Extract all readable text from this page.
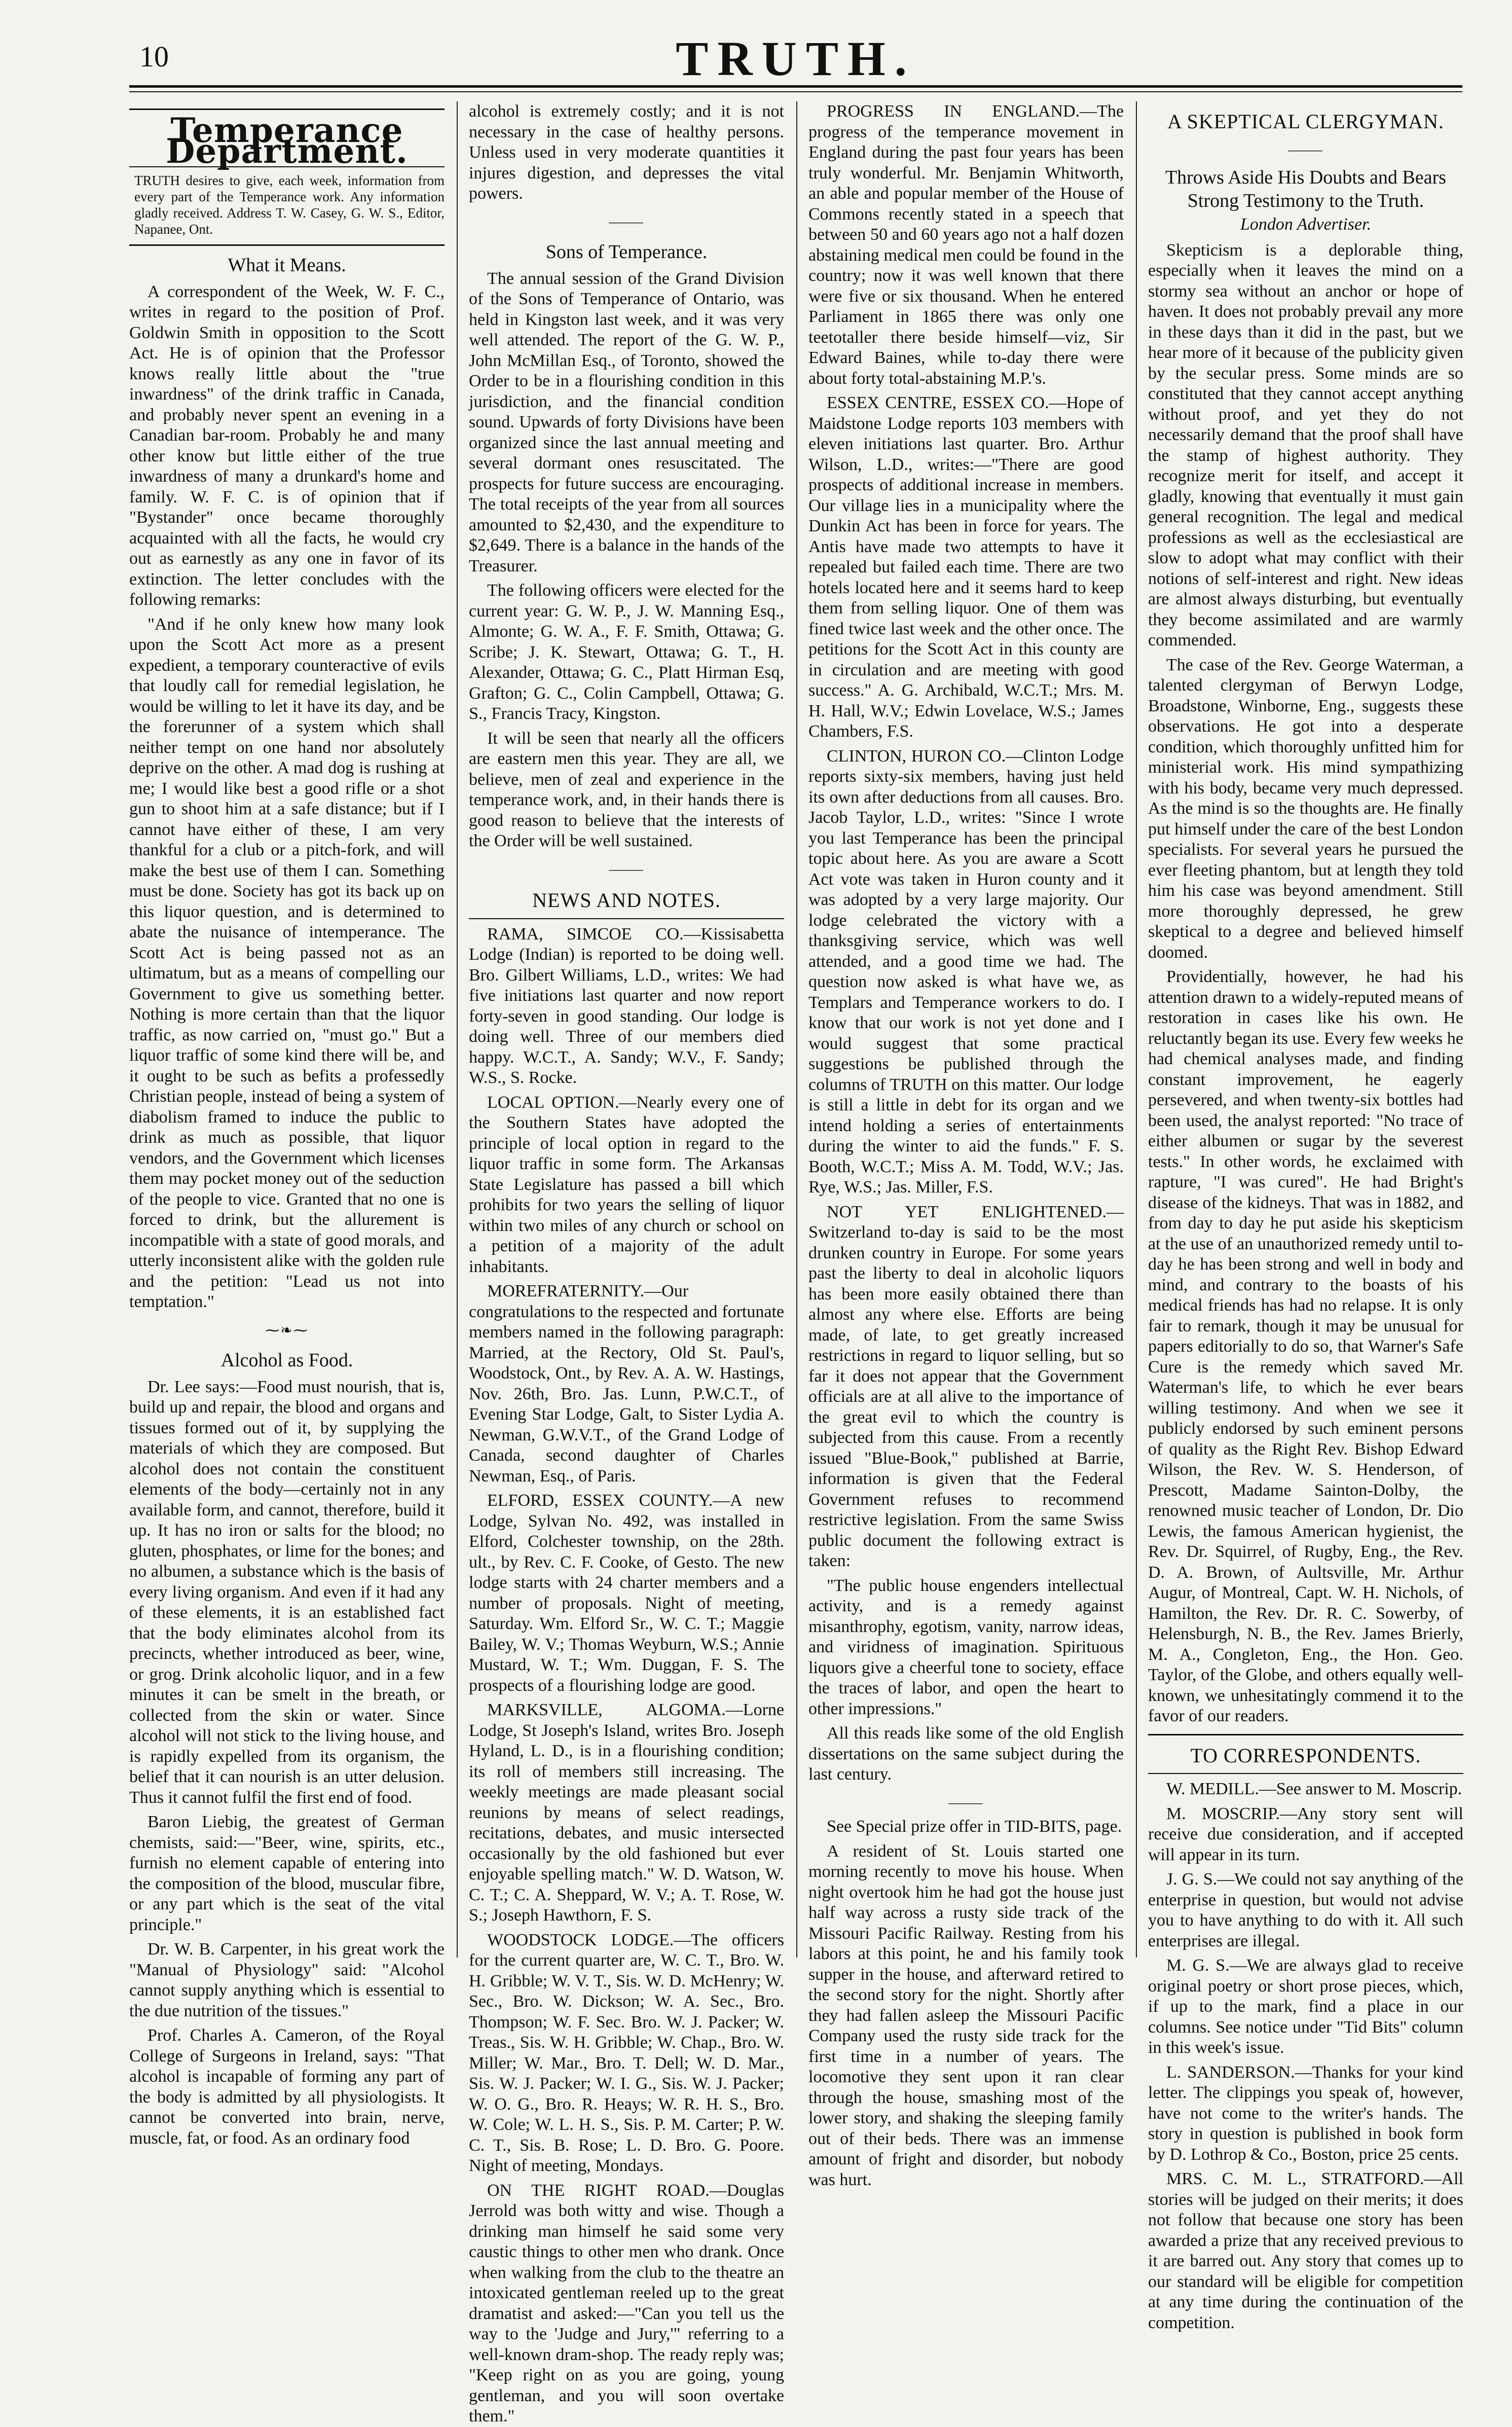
10	TRUTH.
Temperance Department.

TRUTH desires to give, each week, information from every part of the Temperance work. Any information gladly received. Address T. W. Casey, G. W. S., Editor, Napanee, Ont.

What it Means.

A correspondent of the Week, W. F. C., writes in regard to the position of Prof. Goldwin Smith in opposition to the Scott Act. He is of opinion that the Professor knows really little about the "true inwardness" of the drink traffic in Canada, and probably never spent an evening in a Canadian bar-room. Probably he and many other know but little either of the true inwardness of many a drunkard's home and family. W. F. C. is of opinion that if "Bystander" once became thoroughly acquainted with all the facts, he would cry out as earnestly as any one in favor of its extinction. The letter concludes with the following remarks:

"And if he only knew how many look upon the Scott Act more as a present expedient, a temporary counteractive of evils that loudly call for remedial legislation, he would be willing to let it have its day, and be the forerunner of a system which shall neither tempt on one hand nor absolutely deprive on the other. A mad dog is rushing at me; I would like best a good rifle or a shot gun to shoot him at a safe distance; but if I cannot have either of these, I am very thankful for a club or a pitch-fork, and will make the best use of them I can. Something must be done. Society has got its back up on this liquor question, and is determined to abate the nuisance of intemperance. The Scott Act is being passed not as an ultimatum, but as a means of compelling our Government to give us something better. Nothing is more certain than that the liquor traffic, as now carried on, "must go." But a liquor traffic of some kind there will be, and it ought to be such as befits a professedly Christian people, instead of being a system of diabolism framed to induce the public to drink as much as possible, that liquor vendors, and the Government which licenses them may pocket money out of the seduction of the people to vice. Granted that no one is forced to drink, but the allurement is incompatible with a state of good morals, and utterly inconsistent alike with the golden rule and the petition: "Lead us not into temptation."

⁓❧⁓
Alcohol as Food.

Dr. Lee says:—Food must nourish, that is, build up and repair, the blood and organs and tissues formed out of it, by supplying the materials of which they are composed. But alcohol does not contain the constituent elements of the body—certainly not in any available form, and cannot, therefore, build it up. It has no iron or salts for the blood; no gluten, phosphates, or lime for the bones; and no albumen, a substance which is the basis of every living organism. And even if it had any of these elements, it is an established fact that the body eliminates alcohol from its precincts, whether introduced as beer, wine, or grog. Drink alcoholic liquor, and in a few minutes it can be smelt in the breath, or collected from the skin or water. Since alcohol will not stick to the living house, and is rapidly expelled from its organism, the belief that it can nourish is an utter delusion. Thus it cannot fulfil the first end of food.

Baron Liebig, the greatest of German chemists, said:—"Beer, wine, spirits, etc., furnish no element capable of entering into the composition of the blood, muscular fibre, or any part which is the seat of the vital principle."

Dr. W. B. Carpenter, in his great work the "Manual of Physiology" said: "Alcohol cannot supply anything which is essential to the due nutrition of the tissues."

Prof. Charles A. Cameron, of the Royal College of Surgeons in Ireland, says: "That alcohol is incapable of forming any part of the body is admitted by all physiologists. It cannot be converted into brain, nerve, muscle, fat, or food. As an ordinary food

alcohol is extremely costly; and it is not necessary in the case of healthy persons. Unless used in very moderate quantities it injures digestion, and depresses the vital powers.

⸻
Sons of Temperance.

The annual session of the Grand Division of the Sons of Temperance of Ontario, was held in Kingston last week, and it was very well attended. The report of the G. W. P., John McMillan Esq., of Toronto, showed the Order to be in a flourishing condition in this jurisdiction, and the financial condition sound. Upwards of forty Divisions have been organized since the last annual meeting and several dormant ones resuscitated. The prospects for future success are encouraging. The total receipts of the year from all sources amounted to $2,430, and the expenditure to $2,649. There is a balance in the hands of the Treasurer.

The following officers were elected for the current year: G. W. P., J. W. Manning Esq., Almonte; G. W. A., F. F. Smith, Ottawa; G. Scribe; J. K. Stewart, Ottawa; G. T., H. Alexander, Ottawa; G. C., Platt Hirman Esq, Grafton; G. C., Colin Campbell, Ottawa; G. S., Francis Tracy, Kingston.

It will be seen that nearly all the officers are eastern men this year. They are all, we believe, men of zeal and experience in the temperance work, and, in their hands there is good reason to believe that the interests of the Order will be well sustained.

⸻
NEWS AND NOTES.

RAMA, SIMCOE CO.—Kissisabetta Lodge (Indian) is reported to be doing well. Bro. Gilbert Williams, L.D., writes: We had five initiations last quarter and now report forty-seven in good standing. Our lodge is doing well. Three of our members died happy. W.C.T., A. Sandy; W.V., F. Sandy; W.S., S. Rocke.

LOCAL OPTION.—Nearly every one of the Southern States have adopted the principle of local option in regard to the liquor traffic in some form. The Arkansas State Legislature has passed a bill which prohibits for two years the selling of liquor within two miles of any church or school on a petition of a majority of the adult inhabitants.

MOREFRATERNITY.—Our congratulations to the respected and fortunate members named in the following paragraph: Married, at the Rectory, Old St. Paul's, Woodstock, Ont., by Rev. A. A. W. Hastings, Nov. 26th, Bro. Jas. Lunn, P.W.C.T., of Evening Star Lodge, Galt, to Sister Lydia A. Newman, G.W.V.T., of the Grand Lodge of Canada, second daughter of Charles Newman, Esq., of Paris.

ELFORD, ESSEX COUNTY.—A new Lodge, Sylvan No. 492, was installed in Elford, Colchester township, on the 28th. ult., by Rev. C. F. Cooke, of Gesto. The new lodge starts with 24 charter members and a number of proposals. Night of meeting, Saturday. Wm. Elford Sr., W. C. T.; Maggie Bailey, W. V.; Thomas Weyburn, W.S.; Annie Mustard, W. T.; Wm. Duggan, F. S. The prospects of a flourishing lodge are good.

MARKSVILLE, ALGOMA.—Lorne Lodge, St Joseph's Island, writes Bro. Joseph Hyland, L. D., is in a flourishing condition; its roll of members still increasing. The weekly meetings are made pleasant social reunions by means of select readings, recitations, debates, and music intersected occasionally by the old fashioned but ever enjoyable spelling match." W. D. Watson, W. C. T.; C. A. Sheppard, W. V.; A. T. Rose, W. S.; Joseph Hawthorn, F. S.

WOODSTOCK LODGE.—The officers for the current quarter are, W. C. T., Bro. W. H. Gribble; W. V. T., Sis. W. D. McHenry; W. Sec., Bro. W. Dickson; W. A. Sec., Bro. Thompson; W. F. Sec. Bro. W. J. Packer; W. Treas., Sis. W. H. Gribble; W. Chap., Bro. W. Miller; W. Mar., Bro. T. Dell; W. D. Mar., Sis. W. J. Packer; W. I. G., Sis. W. J. Packer; W. O. G., Bro. R. Heays; W. R. H. S., Bro. W. Cole; W. L. H. S., Sis. P. M. Carter; P. W. C. T., Sis. B. Rose; L. D. Bro. G. Poore. Night of meeting, Mondays.

ON THE RIGHT ROAD.—Douglas Jerrold was both witty and wise. Though a drinking man himself he said some very caustic things to other men who drank. Once when walking from the club to the theatre an intoxicated gentleman reeled up to the great dramatist and asked:—"Can you tell us the way to the 'Judge and Jury,'" referring to a well-known dram-shop. The ready reply was; "Keep right on as you are going, young gentleman, and you will soon overtake them."

PROGRESS IN ENGLAND.—The progress of the temperance movement in England during the past four years has been truly wonderful. Mr. Benjamin Whitworth, an able and popular member of the House of Commons recently stated in a speech that between 50 and 60 years ago not a half dozen abstaining medical men could be found in the country; now it was well known that there were five or six thousand. When he entered Parliament in 1865 there was only one teetotaller there beside himself—viz, Sir Edward Baines, while to-day there were about forty total-abstaining M.P.'s.

ESSEX CENTRE, ESSEX CO.—Hope of Maidstone Lodge reports 103 members with eleven initiations last quarter. Bro. Arthur Wilson, L.D., writes:—"There are good prospects of additional increase in members. Our village lies in a municipality where the Dunkin Act has been in force for years. The Antis have made two attempts to have it repealed but failed each time. There are two hotels located here and it seems hard to keep them from selling liquor. One of them was fined twice last week and the other once. The petitions for the Scott Act in this county are in circulation and are meeting with good success." A. G. Archibald, W.C.T.; Mrs. M. H. Hall, W.V.; Edwin Lovelace, W.S.; James Chambers, F.S.

CLINTON, HURON CO.—Clinton Lodge reports sixty-six members, having just held its own after deductions from all causes. Bro. Jacob Taylor, L.D., writes: "Since I wrote you last Temperance has been the principal topic about here. As you are aware a Scott Act vote was taken in Huron county and it was adopted by a very large majority. Our lodge celebrated the victory with a thanksgiving service, which was well attended, and a good time we had. The question now asked is what have we, as Templars and Temperance workers to do. I know that our work is not yet done and I would suggest that some practical suggestions be published through the columns of TRUTH on this matter. Our lodge is still a little in debt for its organ and we intend holding a series of entertainments during the winter to aid the funds." F. S. Booth, W.C.T.; Miss A. M. Todd, W.V.; Jas. Rye, W.S.; Jas. Miller, F.S.

NOT YET ENLIGHTENED.—Switzerland to-day is said to be the most drunken country in Europe. For some years past the liberty to deal in alcoholic liquors has been more easily obtained there than almost any where else. Efforts are being made, of late, to get greatly increased restrictions in regard to liquor selling, but so far it does not appear that the Government officials are at all alive to the importance of the great evil to which the country is subjected from this cause. From a recently issued "Blue-Book," published at Barrie, information is given that the Federal Government refuses to recommend restrictive legislation. From the same Swiss public document the following extract is taken:

"The public house engenders intellectual activity, and is a remedy against misanthrophy, egotism, vanity, narrow ideas, and viridness of imagination. Spirituous liquors give a cheerful tone to society, efface the traces of labor, and open the heart to other impressions."

All this reads like some of the old English dissertations on the same subject during the last century.

⸻

See Special prize offer in TID-BITS, page.

A resident of St. Louis started one morning recently to move his house. When night overtook him he had got the house just half way across a rusty side track of the Missouri Pacific Railway. Resting from his labors at this point, he and his family took supper in the house, and afterward retired to the second story for the night. Shortly after they had fallen asleep the Missouri Pacific Company used the rusty side track for the first time in a number of years. The locomotive they sent upon it ran clear through the house, smashing most of the lower story, and shaking the sleeping family out of their beds. There was an immense amount of fright and disorder, but nobody was hurt.

A SKEPTICAL CLERGYMAN.
⸻
Throws Aside His Doubts and Bears Strong Testimony to the Truth.
London Advertiser.

Skepticism is a deplorable thing, especially when it leaves the mind on a stormy sea without an anchor or hope of haven. It does not probably prevail any more in these days than it did in the past, but we hear more of it because of the publicity given by the secular press. Some minds are so constituted that they cannot accept anything without proof, and yet they do not necessarily demand that the proof shall have the stamp of highest authority. They recognize merit for itself, and accept it gladly, knowing that eventually it must gain general recognition. The legal and medical professions as well as the ecclesiastical are slow to adopt what may conflict with their notions of self-interest and right. New ideas are almost always disturbing, but eventually they become assimilated and are warmly commended.

The case of the Rev. George Waterman, a talented clergyman of Berwyn Lodge, Broadstone, Winborne, Eng., suggests these observations. He got into a desperate condition, which thoroughly unfitted him for ministerial work. His mind sympathizing with his body, became very much depressed. As the mind is so the thoughts are. He finally put himself under the care of the best London specialists. For several years he pursued the ever fleeting phantom, but at length they told him his case was beyond amendment. Still more thoroughly depressed, he grew skeptical to a degree and believed himself doomed.

Providentially, however, he had his attention drawn to a widely-reputed means of restoration in cases like his own. He reluctantly began its use. Every few weeks he had chemical analyses made, and finding constant improvement, he eagerly persevered, and when twenty-six bottles had been used, the analyst reported: "No trace of either albumen or sugar by the severest tests." In other words, he exclaimed with rapture, "I was cured". He had Bright's disease of the kidneys. That was in 1882, and from day to day he put aside his skepticism at the use of an unauthorized remedy until to-day he has been strong and well in body and mind, and contrary to the boasts of his medical friends has had no relapse. It is only fair to remark, though it may be unusual for papers editorially to do so, that Warner's Safe Cure is the remedy which saved Mr. Waterman's life, to which he ever bears willing testimony. And when we see it publicly endorsed by such eminent persons of quality as the Right Rev. Bishop Edward Wilson, the Rev. W. S. Henderson, of Prescott, Madame Sainton-Dolby, the renowned music teacher of London, Dr. Dio Lewis, the famous American hygienist, the Rev. Dr. Squirrel, of Rugby, Eng., the Rev. D. A. Brown, of Aultsville, Mr. Arthur Augur, of Montreal, Capt. W. H. Nichols, of Hamilton, the Rev. Dr. R. C. Sowerby, of Helensburgh, N. B., the Rev. James Brierly, M. A., Congleton, Eng., the Hon. Geo. Taylor, of the Globe, and others equally well-known, we unhesitatingly commend it to the favor of our readers.

TO CORRESPONDENTS.

W. MEDILL.—See answer to M. Moscrip.

M. MOSCRIP.—Any story sent will receive due consideration, and if accepted will appear in its turn.

J. G. S.—We could not say anything of the enterprise in question, but would not advise you to have anything to do with it. All such enterprises are illegal.

M. G. S.—We are always glad to receive original poetry or short prose pieces, which, if up to the mark, find a place in our columns. See notice under "Tid Bits" column in this week's issue.

L. SANDERSON.—Thanks for your kind letter. The clippings you speak of, however, have not come to the writer's hands. The story in question is published in book form by D. Lothrop & Co., Boston, price 25 cents.

MRS. C. M. L., STRATFORD.—All stories will be judged on their merits; it does not follow that because one story has been awarded a prize that any received previous to it are barred out. Any story that comes up to our standard will be eligible for competition at any time during the continuation of the competition.
